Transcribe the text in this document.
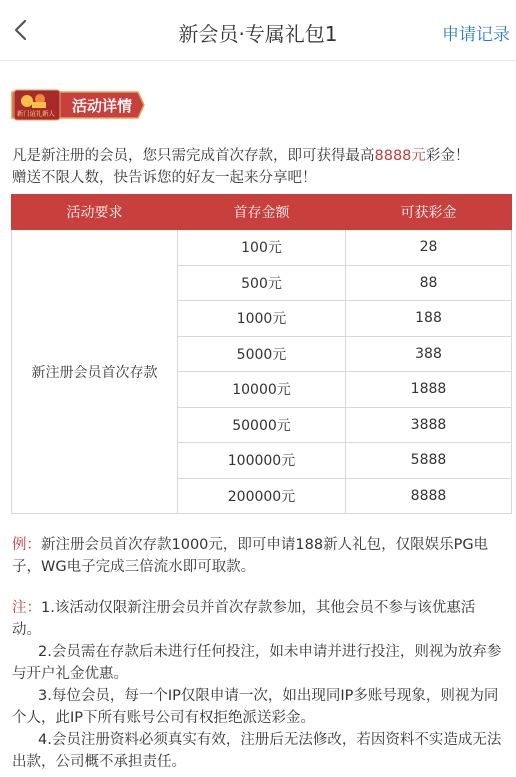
新会员·专属礼包1	申请记录
活动详情
新门谊礼新人
凡是新注册的会员，您只需完成首次存款，即可获得最高8888元彩金！
赠送不限人数，快告诉您的好友一起来分享吧！
活动要求	首存金额	可获彩金
新注册会员首次存款	100元	28
	500元	88
	1000元	188
	5000元	388
	10000元	1888
	50000元	3888
	100000元	5888
	200000元	8888
例：新注册会员首次存款1000元，即可申请188新人礼包，仅限娱乐PG电子，WG电子完成三倍流水即可取款。

注：1.该活动仅限新注册会员并首次存款参加，其他会员不参与该优惠活动。

2.会员需在存款后未进行任何投注，如未申请并进行投注，则视为放弃参与开户礼金优惠。

3.每位会员，每一个IP仅限申请一次，如出现同IP多账号现象，则视为同个人，此IP下所有账号公司有权拒绝派送彩金。

4.会员注册资料必须真实有效，注册后无法修改，若因资料不实造成无法出款，公司概不承担责任。
